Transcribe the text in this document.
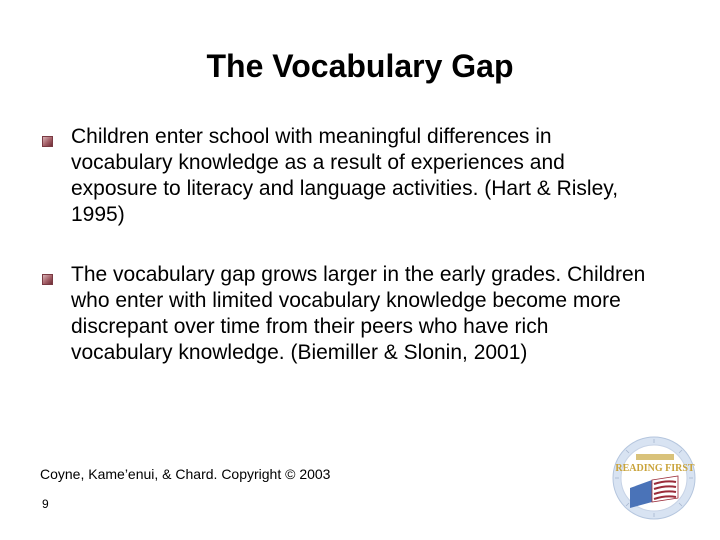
The Vocabulary Gap
Children enter school with meaningful differences in vocabulary knowledge as a result of experiences and exposure to literacy and language activities. (Hart & Risley, 1995)
The vocabulary gap grows larger in the early grades. Children who enter with limited vocabulary knowledge become more discrepant over time from their peers who have rich vocabulary knowledge. (Biemiller & Slonin, 2001)
Coyne, Kame’enui, & Chard. Copyright © 2003
9
READING FIRST
